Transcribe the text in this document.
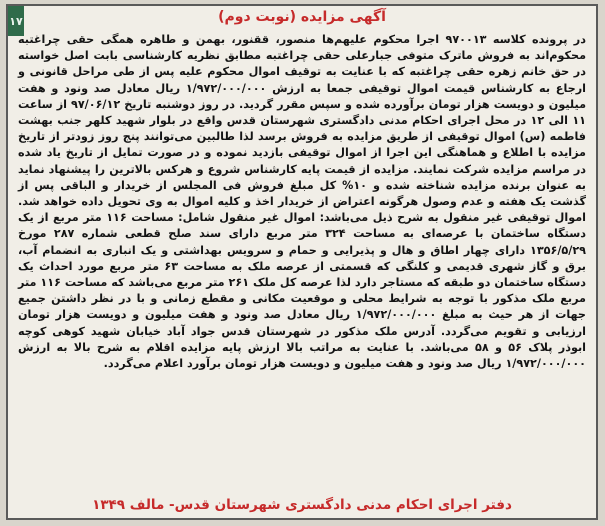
۱۷	آگهی مزایده (نوبت دوم)
در پرونده کلاسه ۹۷۰۰۱۳ اجرا محکوم علیهم‌ها منصور، ققنور، بهمن و طاهره همگی حقی چراغتبه محکوم‌اند به فروش ماترک متوفی جبارعلی حقی چراغتبه مطابق نظریه کارشناسی بابت اصل خواسته در حق خانم زهره حقی چراغتبه که با عنایت به توقیف اموال محکوم علیه پس از طی مراحل قانونی و ارجاع به کارشناس قیمت اموال توقیفی جمعا به ارزش ۱/۹۷۲/۰۰۰/۰۰۰ ریال معادل صد ونود و هفت میلیون و دویست هزار تومان برآورده شده و سپس مقرر گردید. در روز دوشنبه تاریخ ۹۷/۰۶/۱۲ از ساعت ۱۱ الی ۱۲ در محل اجرای احکام مدنی دادگستری شهرستان قدس واقع در بلوار شهید کلهر جنب بهشت فاطمه (س) اموال توقیفی از طریق مزایده به فروش برسد لذا طالبین می‌توانند پنج روز زودتر از تاریخ مزایده با اطلاع و هماهنگی این اجرا از اموال توقیفی بازدید نموده و در صورت تمایل از تاریخ یاد شده در مراسم مزایده شرکت نمایند. مزایده از قیمت پایه کارشناس شروع و هرکس بالاترین را پیشنهاد نماید به عنوان برنده مزایده شناخته شده و ۱۰% کل مبلغ فروش فی المجلس از خریدار و الباقی پس از گذشت یک هفته و عدم وصول هرگونه اعتراض از خریدار اخذ و کلیه اموال به وی تحویل داده خواهد شد. اموال توقیفی غیر منقول به شرح ذیل می‌باشد: اموال غیر منقول شامل: مساحت ۱۱۶ متر مربع از یک دستگاه ساختمان با عرصه‌ای به مساحت ۳۲۴ متر مربع دارای سند صلح قطعی شماره ۲۸۷ مورخ ۱۳۵۶/۵/۲۹ دارای چهار اطاق و هال و پذیرایی و حمام و سرویس بهداشتی و یک انباری به انضمام آب، برق و گاز شهری قدیمی و کلنگی که قسمتی از عرصه ملک به مساحت ۶۳ متر مربع مورد احداث یک دستگاه ساختمان دو طبقه که مستاجر دارد لذا عرصه کل ملک ۲۶۱ متر مربع می‌باشد که مساحت ۱۱۶ متر مربع ملک مذکور با توجه به شرایط محلی و موقعیت مکانی و مقطع زمانی و با در نظر داشتن جمیع جهات از هر حیث به مبلغ ۱/۹۷۲/۰۰۰/۰۰۰ ریال معادل صد ونود و هفت میلیون و دویست هزار تومان ارزیابی و تقویم می‌گردد. آدرس ملک مذکور در شهرستان قدس جواد آباد خیابان شهید کوهی کوچه ابوذر پلاک ۵۶ و ۵۸ می‌باشد. با عنایت به مراتب بالا ارزش پایه مزایده اقلام به شرح بالا به ارزش ۱/۹۷۲/۰۰۰/۰۰۰ ریال صد ونود و هفت میلیون و دویست هزار تومان برآورد اعلام می‌گردد.
دفتر اجرای احکام مدنی دادگستری شهرستان قدس- مالف ۱۳۴۹
